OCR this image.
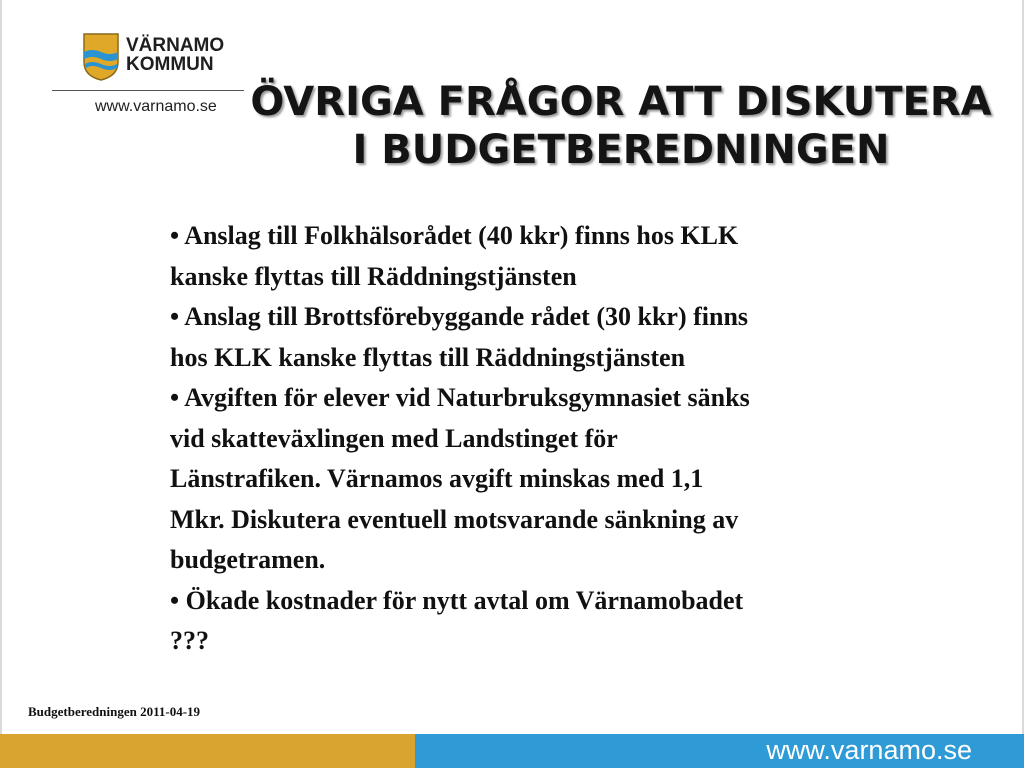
VÄRNAMO
KOMMUN
www.varnamo.se ÖVRIGA FRÅGOR ATT DISKUTERA
I BUDGETBEREDNINGEN
• Anslag till Folkhälsorådet (40 kkr) finns hos KLK
kanske flyttas till Räddningstjänsten
• Anslag till Brottsförebyggande rådet (30 kkr) finns
hos KLK kanske flyttas till Räddningstjänsten
• Avgiften för elever vid Naturbruksgymnasiet sänks
vid skatteväxlingen med Landstinget för
Länstrafiken. Värnamos avgift minskas med 1,1
Mkr. Diskutera eventuell motsvarande sänkning av
budgetramen.
• Ökade kostnader för nytt avtal om Värnamobadet
???
Budgetberedningen 2011-04-19
www.varnamo.se
